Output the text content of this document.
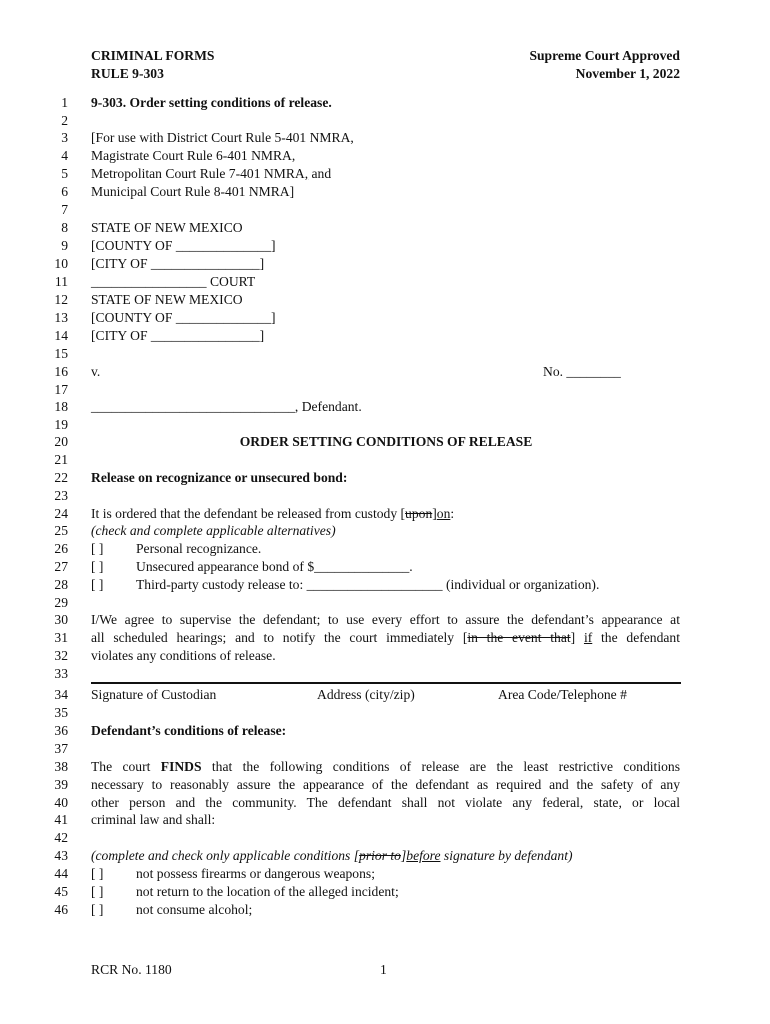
CRIMINAL FORMS
RULE 9-303
Supreme Court Approved
November 1, 2022
1
2
3
4
5
6
7
8
9
10
11
12
13
14
15
16
17
18
19
20
21
22
23
24
25
26
27
28
29
30
31
32
33
34
35
36
37
38
39
40
41
42
43
44
45
46
9-303. Order setting conditions of release.
[For use with District Court Rule 5-401 NMRA,
Magistrate Court Rule 6-401 NMRA,
Metropolitan Court Rule 7-401 NMRA, and
Municipal Court Rule 8-401 NMRA]
STATE OF NEW MEXICO
[COUNTY OF ______________]
[CITY OF ________________]
_________________ COURT
STATE OF NEW MEXICO
[COUNTY OF ______________]
[CITY OF ________________]
v.	No. ________
______________________________, Defendant.
ORDER SETTING CONDITIONS OF RELEASE
Release on recognizance or unsecured bond:
It is ordered that the defendant be released from custody [upon]on:
(check and complete applicable alternatives)
[ ] Personal recognizance.
[ ] Unsecured appearance bond of $______________.
[ ] Third-party custody release to: ____________________ (individual or organization).
I/We agree to supervise the defendant; to use every effort to assure the defendant’s appearance at
all scheduled hearings; and to notify the court immediately [in the event that] if the defendant
violates any conditions of release.
Signature of Custodian	Address (city/zip)	Area Code/Telephone #
Defendant’s conditions of release:
The court FINDS that the following conditions of release are the least restrictive conditions
necessary to reasonably assure the appearance of the defendant as required and the safety of any
other person and the community. The defendant shall not violate any federal, state, or local
criminal law and shall:
(complete and check only applicable conditions [prior to]before signature by defendant)
[ ] not possess firearms or dangerous weapons;
[ ] not return to the location of the alleged incident;
[ ] not consume alcohol;
RCR No. 1180	1
